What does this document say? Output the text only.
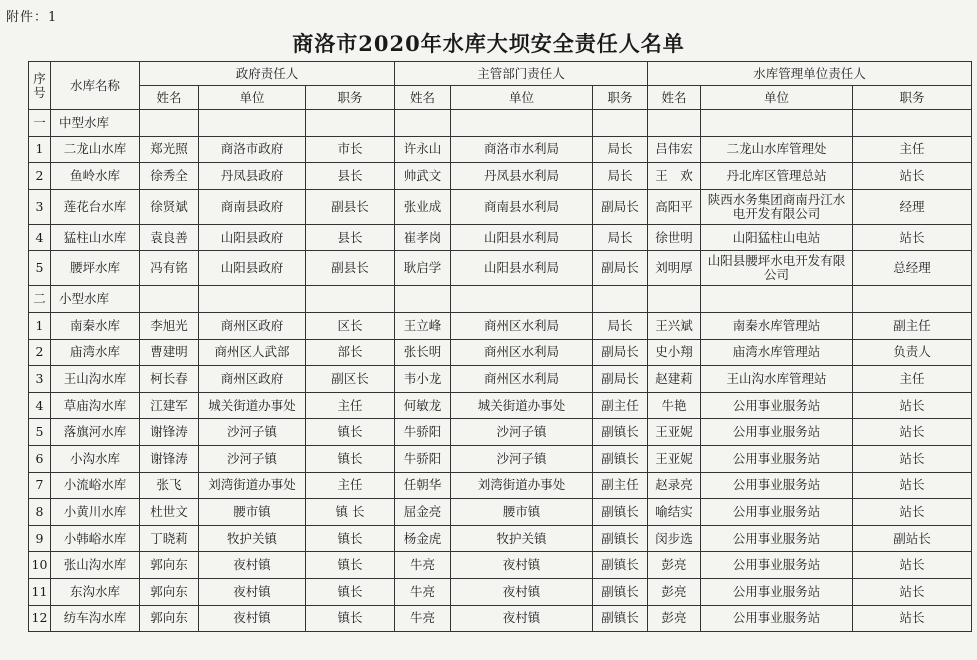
附件：1
商洛市2020年水库大坝安全责任人名单
序号	水库名称	政府责任人			主管部门责任人			水库管理单位责任人		
		姓名	单位	职务	姓名	单位	职务	姓名	单位	职务
一	中型水库									
1	二龙山水库	郑光照	商洛市政府	市长	许永山	商洛市水利局	局长	吕伟宏	二龙山水库管理处	主任
2	鱼岭水库	徐秀全	丹凤县政府	县长	帅武文	丹凤县水利局	局长	王　欢	丹北库区管理总站	站长
3	莲花台水库	徐贤斌	商南县政府	副县长	张业成	商南县水利局	副局长	高阳平	陕西水务集团商南丹江水电开发有限公司	经理
4	猛柱山水库	袁良善	山阳县政府	县长	崔孝岗	山阳县水利局	局长	徐世明	山阳猛柱山电站	站长
5	腰坪水库	冯有铭	山阳县政府	副县长	耿启学	山阳县水利局	副局长	刘明厚	山阳县腰坪水电开发有限公司	总经理
二	小型水库									
1	南秦水库	李旭光	商州区政府	区长	王立峰	商州区水利局	局长	王兴斌	南秦水库管理站	副主任
2	庙湾水库	曹建明	商州区人武部	部长	张长明	商州区水利局	副局长	史小翔	庙湾水库管理站	负责人
3	王山沟水库	柯长春	商州区政府	副区长	韦小龙	商州区水利局	副局长	赵建莉	王山沟水库管理站	主任
4	草庙沟水库	江建军	城关街道办事处	主任	何敏龙	城关街道办事处	副主任	牛艳	公用事业服务站	站长
5	落旗河水库	谢锋涛	沙河子镇	镇长	牛骄阳	沙河子镇	副镇长	王亚妮	公用事业服务站	站长
6	小沟水库	谢锋涛	沙河子镇	镇长	牛骄阳	沙河子镇	副镇长	王亚妮	公用事业服务站	站长
7	小流峪水库	张飞	刘湾街道办事处	主任	任朝华	刘湾街道办事处	副主任	赵录亮	公用事业服务站	站长
8	小黄川水库	杜世文	腰市镇	镇 长	屈金亮	腰市镇	副镇长	喻结实	公用事业服务站	站长
9	小韩峪水库	丁晓莉	牧护关镇	镇长	杨金虎	牧护关镇	副镇长	闵步选	公用事业服务站	副站长
10	张山沟水库	郭向东	夜村镇	镇长	牛亮	夜村镇	副镇长	彭亮	公用事业服务站	站长
11	东沟水库	郭向东	夜村镇	镇长	牛亮	夜村镇	副镇长	彭亮	公用事业服务站	站长
12	纺车沟水库	郭向东	夜村镇	镇长	牛亮	夜村镇	副镇长	彭亮	公用事业服务站	站长
